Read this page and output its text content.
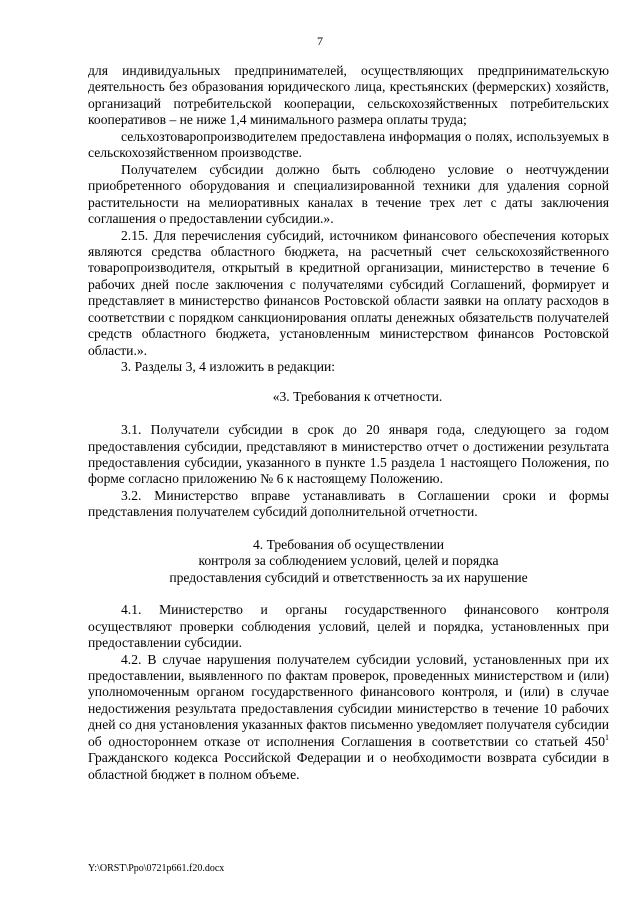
7

для индивидуальных предпринимателей, осуществляющих предпринимательскую деятельность без образования юридического лица, крестьянских (фермерских) хозяйств, организаций потребительской кооперации, сельскохозяйственных потребительских кооперативов – не ниже 1,4 минимального размера оплаты труда;

сельхозтоваропроизводителем предоставлена информация о полях, используемых в сельскохозяйственном производстве.

Получателем субсидии должно быть соблюдено условие о неотчуждении приобретенного оборудования и специализированной техники для удаления сорной растительности на мелиоративных каналах в течение трех лет с даты заключения соглашения о предоставлении субсидии.».

2.15. Для перечисления субсидий, источником финансового обеспечения которых являются средства областного бюджета, на расчетный счет сельскохозяйственного товаропроизводителя, открытый в кредитной организации, министерство в течение 6 рабочих дней после заключения с получателями субсидий Соглашений, формирует и представляет в министерство финансов Ростовской области заявки на оплату расходов в соответствии с порядком санкционирования оплаты денежных обязательств получателей средств областного бюджета, установленным министерством финансов Ростовской области.».

3. Разделы 3, 4 изложить в редакции:

«3. Требования к отчетности.

3.1. Получатели субсидии в срок до 20 января года, следующего за годом предоставления субсидии, представляют в министерство отчет о достижении результата предоставления субсидии, указанного в пункте 1.5 раздела 1 настоящего Положения, по форме согласно приложению № 6 к настоящему Положению.

3.2. Министерство вправе устанавливать в Соглашении сроки и формы представления получателем субсидий дополнительной отчетности.

4. Требования об осуществлении
контроля за соблюдением условий, целей и порядка
предоставления субсидий и ответственность за их нарушение

4.1. Министерство и органы государственного финансового контроля осуществляют проверки соблюдения условий, целей и порядка, установленных при предоставлении субсидии.

4.2. В случае нарушения получателем субсидии условий, установленных при их предоставлении, выявленного по фактам проверок, проведенных министерством и (или) уполномоченным органом государственного финансового контроля, и (или) в случае недостижения результата предоставления субсидии министерство в течение 10 рабочих дней со дня установления указанных фактов письменно уведомляет получателя субсидии об одностороннем отказе от исполнения Соглашения в соответствии со статьей $450^1$ Гражданского кодекса Российской Федерации и о необходимости возврата субсидии в областной бюджет в полном объеме.

Y:\ORST\Ppo\0721p661.f20.docx
